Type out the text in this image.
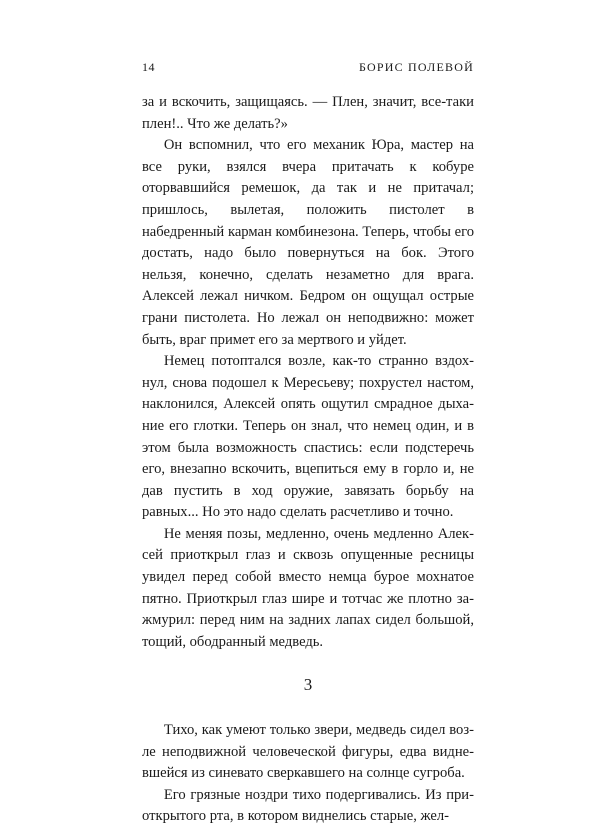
14	БОРИС ПОЛЕВОЙ

за и вскочить, защищаясь. — Плен, значит, все-таки плен!.. Что же делать?»

Он вспомнил, что его механик Юра, мастер на все руки, взялся вчера притачать к кобуре оторвавшийся ремешок, да так и не притачал; пришлось, вылетая, положить пистолет в набедренный карман комбинезона. Теперь, чтобы его достать, надо было повернуться на бок. Этого нельзя, конечно, сделать незаметно для врага. Алексей лежал ничком. Бедром он ощущал острые грани пистолета. Но лежал он неподвижно: может быть, враг примет его за мертвого и уйдет.

Немец потоптался возле, как-то странно вздохнул, снова подошел к Мересьеву; похрустел настом, наклонился, Алексей опять ощутил смрадное дыхание его глотки. Теперь он знал, что немец один, и в этом была возможность спастись: если подстеречь его, внезапно вскочить, вцепиться ему в горло и, не дав пустить в ход оружие, завязать борьбу на равных... Но это надо сделать расчетливо и точно.

Не меняя позы, медленно, очень медленно Алексей приоткрыл глаз и сквозь опущенные ресницы увидел перед собой вместо немца бурое мохнатое пятно. Приоткрыл глаз шире и тотчас же плотно зажмурил: перед ним на задних лапах сидел большой, тощий, ободранный медведь.

3

Тихо, как умеют только звери, медведь сидел возле неподвижной человеческой фигуры, едва видневшейся из синевато сверкавшего на солнце сугроба.

Его грязные ноздри тихо подергивались. Из приоткрытого рта, в котором виднелись старые, жел-
